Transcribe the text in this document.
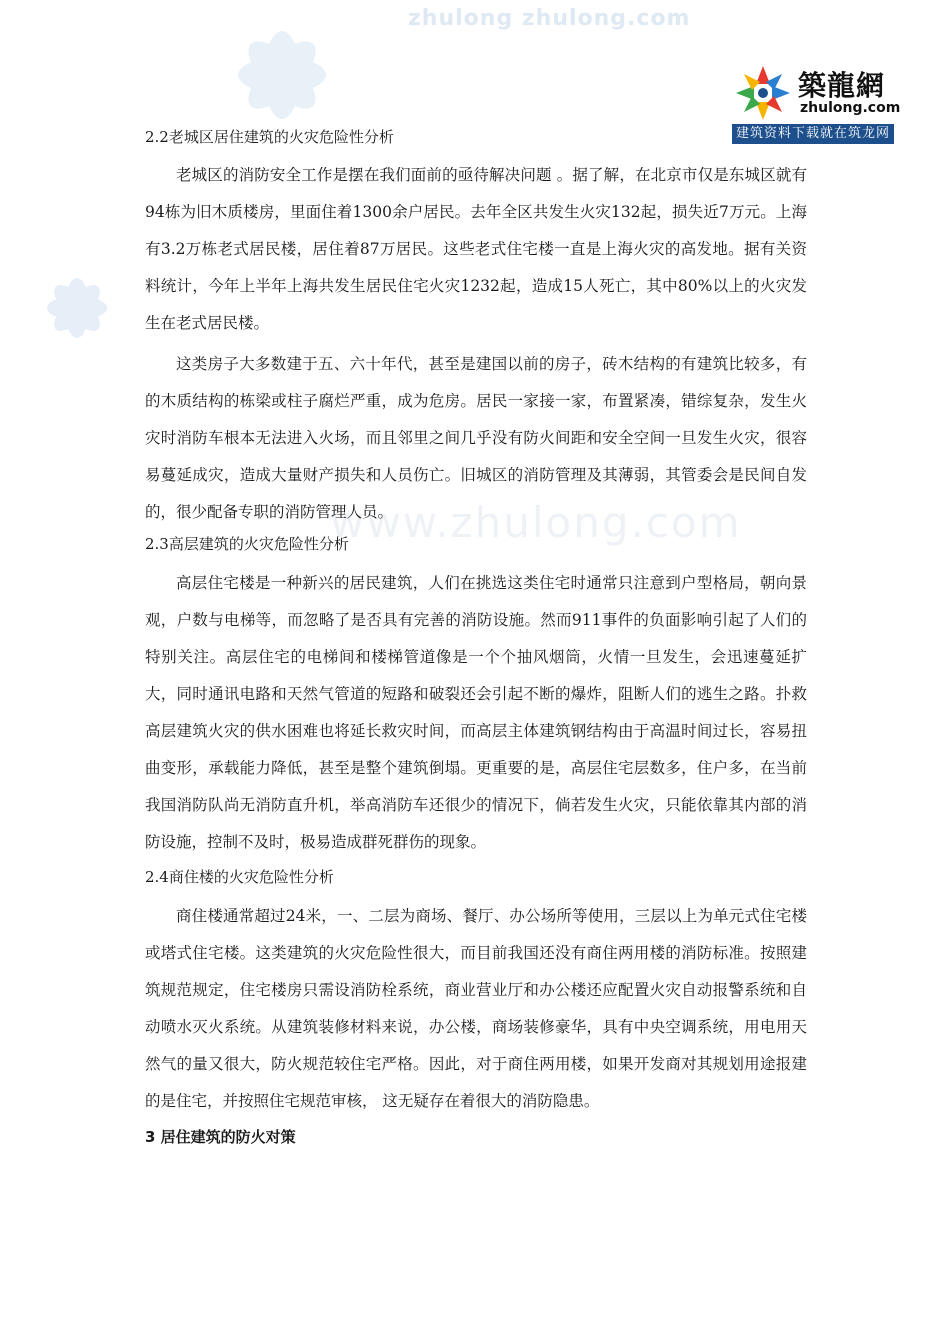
zhulong zhulong.com
www.zhulong.com
築龍網
zhulong.com
建筑资料下载就在筑龙网

2.2老城区居住建筑的火灾危险性分析

老城区的消防安全工作是摆在我们面前的亟待解决问题 。据了解，在北京市仅是东城区就有94栋为旧木质楼房，里面住着1300余户居民。去年全区共发生火灾132起，损失近7万元。上海有3.2万栋老式居民楼，居住着87万居民。这些老式住宅楼一直是上海火灾的高发地。据有关资料统计，今年上半年上海共发生居民住宅火灾1232起，造成15人死亡，其中80%以上的火灾发生在老式居民楼。

这类房子大多数建于五、六十年代，甚至是建国以前的房子，砖木结构的有建筑比较多，有的木质结构的栋梁或柱子腐烂严重，成为危房。居民一家接一家，布置紧凑，错综复杂，发生火灾时消防车根本无法进入火场，而且邻里之间几乎没有防火间距和安全空间一旦发生火灾，很容易蔓延成灾，造成大量财产损失和人员伤亡。旧城区的消防管理及其薄弱，其管委会是民间自发的，很少配备专职的消防管理人员。

2.3高层建筑的火灾危险性分析

高层住宅楼是一种新兴的居民建筑，人们在挑选这类住宅时通常只注意到户型格局，朝向景观，户数与电梯等，而忽略了是否具有完善的消防设施。然而911事件的负面影响引起了人们的特别关注。高层住宅的电梯间和楼梯管道像是一个个抽风烟筒，火情一旦发生，会迅速蔓延扩大，同时通讯电路和天然气管道的短路和破裂还会引起不断的爆炸，阻断人们的逃生之路。扑救高层建筑火灾的供水困难也将延长救灾时间，而高层主体建筑钢结构由于高温时间过长，容易扭曲变形，承载能力降低，甚至是整个建筑倒塌。更重要的是，高层住宅层数多，住户多，在当前我国消防队尚无消防直升机，举高消防车还很少的情况下，倘若发生火灾，只能依靠其内部的消防设施，控制不及时，极易造成群死群伤的现象。

2.4商住楼的火灾危险性分析

商住楼通常超过24米，一、二层为商场、餐厅、办公场所等使用，三层以上为单元式住宅楼或塔式住宅楼。这类建筑的火灾危险性很大，而目前我国还没有商住两用楼的消防标准。按照建筑规范规定，住宅楼房只需设消防栓系统，商业营业厅和办公楼还应配置火灾自动报警系统和自动喷水灭火系统。从建筑装修材料来说，办公楼，商场装修豪华，具有中央空调系统，用电用天然气的量又很大，防火规范较住宅严格。因此，对于商住两用楼，如果开发商对其规划用途报建的是住宅，并按照住宅规范审核， 这无疑存在着很大的消防隐患。

3 居住建筑的防火对策
